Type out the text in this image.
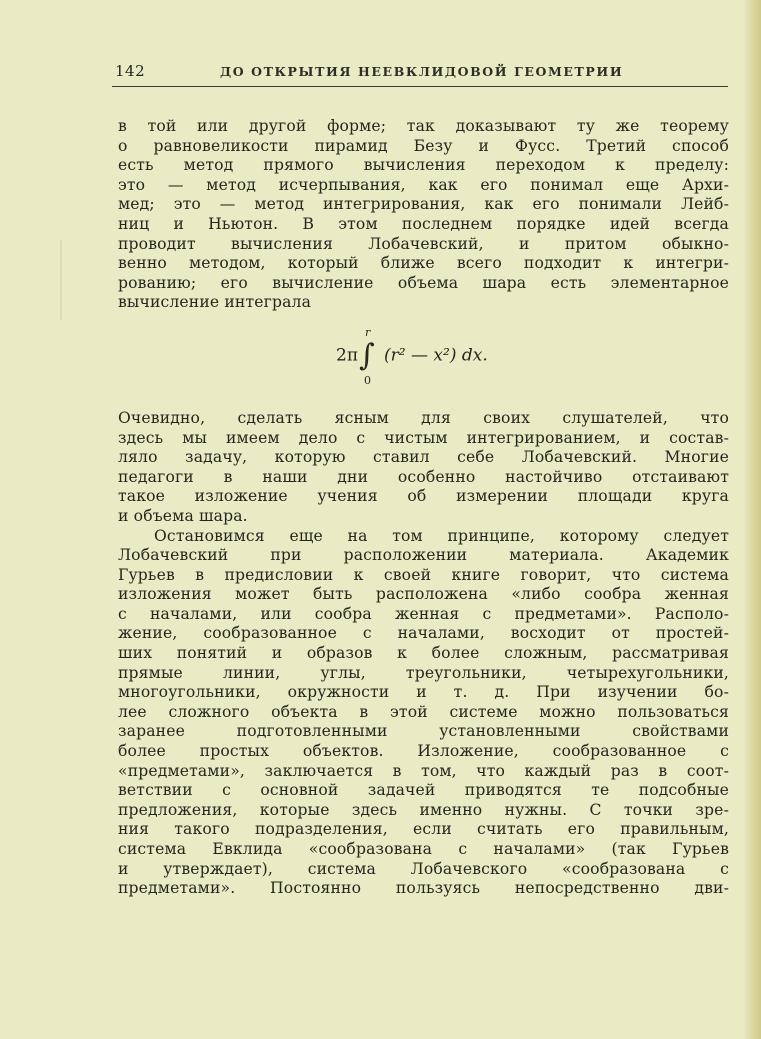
142	ДО ОТКРЫТИЯ НЕЕВКЛИДОВОЙ ГЕОМЕТРИИ
в той или другой форме; так доказывают ту же теорему
о равновеликости пирамид Безу и Фусс. Третий способ
есть метод прямого вычисления переходом к пределу:
это — метод исчерпывания, как его понимал еще Архи-
мед; это — метод интегрирования, как его понимали Лейб-
ниц и Ньютон. В этом последнем порядке идей всегда
проводит вычисления Лобачевский, и притом обыкно-
венно методом, который ближе всего подходит к интегри-
рованию; его вычисление объема шара есть элементарное
вычисление интеграла
2π∫
r
0
(r² — x²) dx.
Очевидно, сделать ясным для своих слушателей, что
здесь мы имеем дело с чистым интегрированием, и состав-
ляло задачу, которую ставил себе Лобачевский. Многие
педагоги в наши дни особенно настойчиво отстаивают
такое изложение учения об измерении площади круга
и объема шара.
Остановимся еще на том принципе, которому следует
Лобачевский при расположении материала. Академик
Гурьев в предисловии к своей книге говорит, что система
изложения может быть расположена «либо сообра женная
с началами, или сообра женная с предметами». Располо-
жение, сообразованное с началами, восходит от простей-
ших понятий и образов к более сложным, рассматривая
прямые линии, углы, треугольники, четырехугольники,
многоугольники, окружности и т. д. При изучении бо-
лее сложного объекта в этой системе можно пользоваться
заранее подготовленными установленными свойствами
более простых объектов. Изложение, сообразованное с
«предметами», заключается в том, что каждый раз в соот-
ветствии с основной задачей приводятся те подсобные
предложения, которые здесь именно нужны. С точки зре-
ния такого подразделения, если считать его правильным,
система Евклида «сообразована с началами» (так Гурьев
и утверждает), система Лобачевского «сообразована с
предметами». Постоянно пользуясь непосредственно дви-
